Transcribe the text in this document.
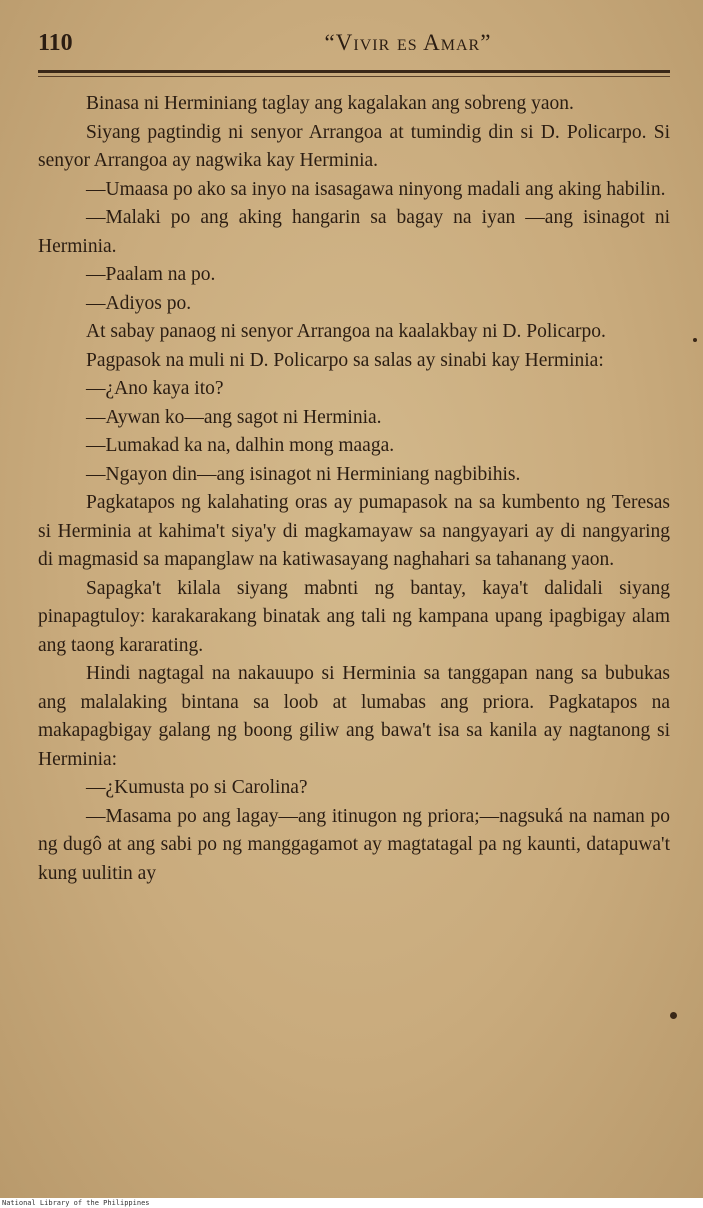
110	“Vivir es Amar”

Binasa ni Herminiang taglay ang kagalakan ang sobreng yaon.

Siyang pagtindig ni senyor Arrangoa at tumindig din si D. Policarpo. Si senyor Arrangoa ay nagwika kay Herminia.

—Umaasa po ako sa inyo na isasagawa ninyong madali ang aking habilin.

—Malaki po ang aking hangarin sa bagay na iyan —ang isinagot ni Herminia.

—Paalam na po.

—Adiyos po.

At sabay panaog ni senyor Arrangoa na kaalakbay ni D. Policarpo.

Pagpasok na muli ni D. Policarpo sa salas ay sinabi kay Herminia:

—¿Ano kaya ito?

—Aywan ko—ang sagot ni Herminia.

—Lumakad ka na, dalhin mong maaga.

—Ngayon din—ang isinagot ni Herminiang nagbibihis.

Pagkatapos ng kalahating oras ay pumapasok na sa kumbento ng Teresas si Herminia at kahima't siya'y di magkamayaw sa nangyayari ay di nangyaring di magmasid sa mapanglaw na katiwasayang naghahari sa tahanang yaon.

Sapagka't kilala siyang mabnti ng bantay, kaya't dalidali siyang pinapagtuloy: karakarakang binatak ang tali ng kampana upang ipagbigay alam ang taong kararating.

Hindi nagtagal na nakauupo si Herminia sa tanggapan nang sa bubukas ang malalaking bintana sa loob at lumabas ang priora. Pagkatapos na makapagbigay galang ng boong giliw ang bawa't isa sa kanila ay nagtanong si Herminia:

—¿Kumusta po si Carolina?

—Masama po ang lagay—ang itinugon ng priora;—nagsuká na naman po ng dugô at ang sabi po ng manggagamot ay magtatagal pa ng kaunti, datapuwa't kung uulitin ay

National Library of the Philippines
